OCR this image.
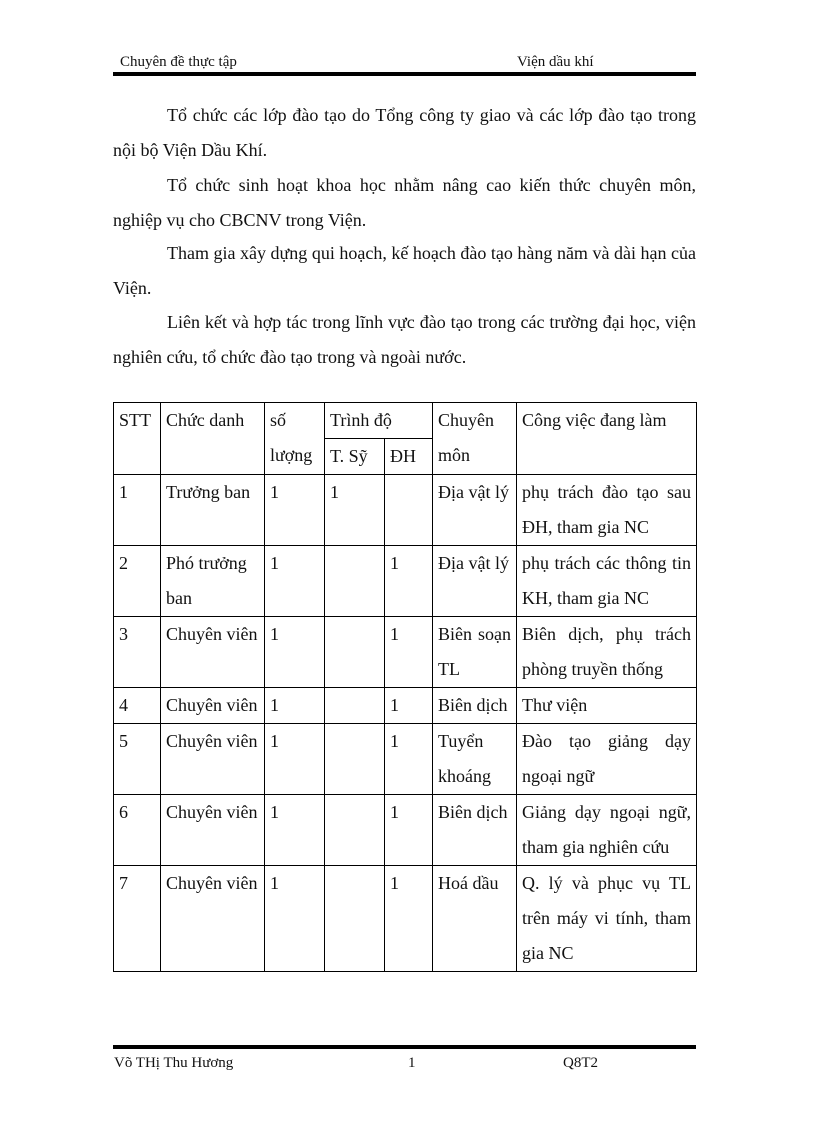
Chuyên đề thực tập	Viện dầu khí

Tổ chức các lớp đào tạo do Tổng công ty giao và các lớp đào tạo trong nội bộ Viện Dầu Khí.

Tổ chức sinh hoạt khoa học nhằm nâng cao kiến thức chuyên môn, nghiệp vụ cho CBCNV trong Viện.

Tham gia xây dựng qui hoạch, kế hoạch đào tạo hàng năm và dài hạn của Viện.

Liên kết và hợp tác trong lĩnh vực đào tạo trong các trường đại học, viện nghiên cứu, tổ chức đào tạo trong và ngoài nước.

STT	Chức danh	số lượng	Trình độ		Chuyên môn	Công việc đang làm
			T. Sỹ	ĐH		
1	Trưởng ban	1	1		Địa vật lý	phụ trách đào tạo sau ĐH, tham gia NC
2	Phó trưởng ban	1		1	Địa vật lý	phụ trách các thông tin KH, tham gia NC
3	Chuyên viên	1		1	Biên soạn TL	Biên dịch, phụ trách phòng truyền thống
4	Chuyên viên	1		1	Biên dịch	Thư viện
5	Chuyên viên	1		1	Tuyển khoáng	Đào tạo giảng dạy ngoại ngữ
6	Chuyên viên	1		1	Biên dịch	Giảng dạy ngoại ngữ, tham gia nghiên cứu
7	Chuyên viên	1		1	Hoá dầu	Q. lý và phục vụ TL trên máy vi tính, tham gia NC
Võ THị Thu Hương	1	Q8T2
